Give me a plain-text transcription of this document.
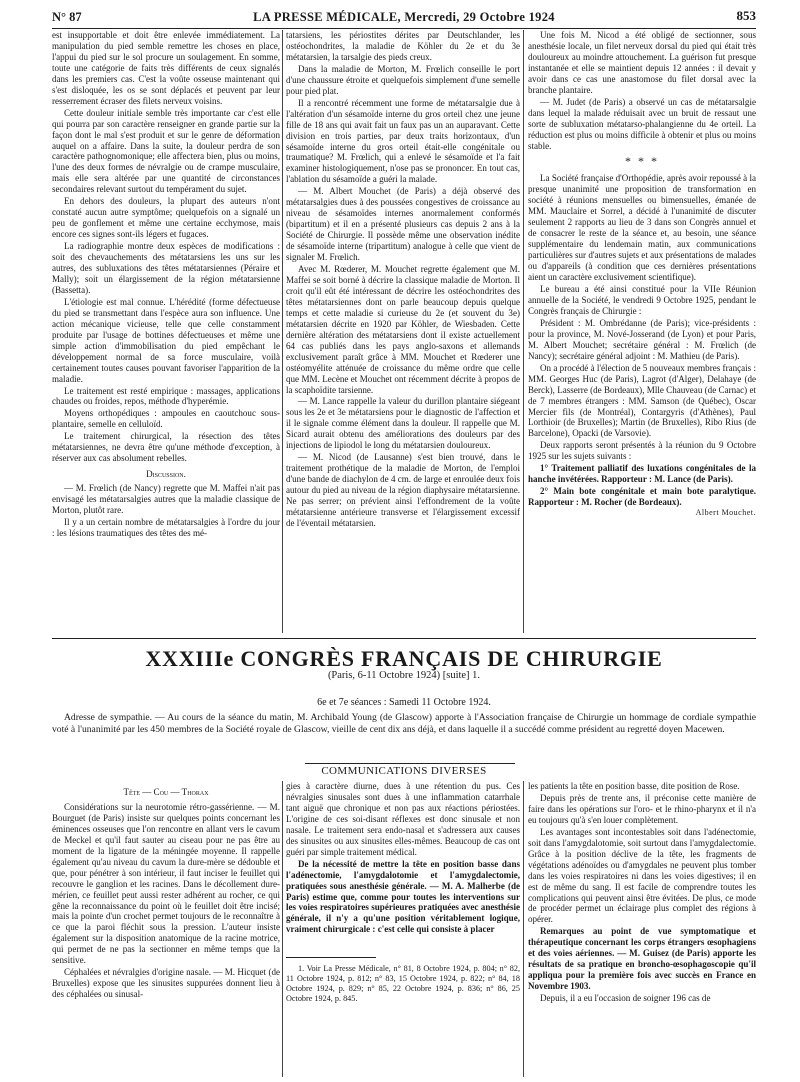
N° 87	LA PRESSE MÉDICALE, Mercredi, 29 Octobre 1924	853

est insupportable et doit être enlevée immédiatement. La manipulation du pied semble remettre les choses en place, l'appui du pied sur le sol procure un soulagement. En somme, toute une catégorie de faits très différents de ceux signalés dans les premiers cas. C'est la voûte osseuse maintenant qui s'est disloquée, les os se sont déplacés et peuvent par leur resserrement écraser des filets nerveux voisins.

Cette douleur initiale semble très importante car c'est elle qui pourra par son caractère renseigner en grande partie sur la façon dont le mal s'est produit et sur le genre de déformation auquel on a affaire. Dans la suite, la douleur perdra de son caractère pathognomonique; elle affectera bien, plus ou moins, l'une des deux formes de névralgie ou de crampe musculaire, mais elle sera altérée par une quantité de circonstances secondaires relevant surtout du tempérament du sujet.

En dehors des douleurs, la plupart des auteurs n'ont constaté aucun autre symptôme; quelquefois on a signalé un peu de gonflement et même une certaine ecchymose, mais encore ces signes sont-ils légers et fugaces.

La radiographie montre deux espèces de modifications : soit des chevauchements des métatarsiens les uns sur les autres, des subluxations des têtes métatarsiennes (Péraire et Mally); soit un élargissement de la région métatarsienne (Bassetta).

L'étiologie est mal connue. L'hérédité (forme défectueuse du pied se transmettant dans l'espèce aura son influence. Une action mécanique vicieuse, telle que celle constamment produite par l'usage de bottines défectueuses et même une simple action d'immobilisation du pied empêchant le développement normal de sa force musculaire, voilà certainement toutes causes pouvant favoriser l'apparition de la maladie.

Le traitement est resté empirique : massages, applications chaudes ou froides, repos, méthode d'hyperémie.

Moyens orthopédiques : ampoules en caoutchouc sous-plantaire, semelle en celluloïd.

Le traitement chirurgical, la résection des têtes métatarsiennes, ne devra être qu'une méthode d'exception, à réserver aux cas absolument rebelles.

Discussion.

— M. Frœlich (de Nancy) regrette que M. Maffei n'ait pas envisagé les métatarsalgies autres que la maladie classique de Morton, plutôt rare.

Il y a un certain nombre de métatarsalgies à l'ordre du jour : les lésions traumatiques des têtes des mé-

tatarsiens, les périostites dérites par Deutschlander, les ostéochondrites, la maladie de Köhler du 2e et du 3e métatarsien, la tarsalgie des pieds creux.

Dans la maladie de Morton, M. Frœlich conseille le port d'une chaussure étroite et quelquefois simplement d'une semelle pour pied plat.

Il a rencontré récemment une forme de métatarsalgie due à l'altération d'un sésamoïde interne du gros orteil chez une jeune fille de 18 ans qui avait fait un faux pas un an auparavant. Cette division en trois parties, par deux traits horizontaux, d'un sésamoïde interne du gros orteil était-elle congénitale ou traumatique? M. Frœlich, qui a enlevé le sésamoïde et l'a fait examiner histologiquement, n'ose pas se prononcer. En tout cas, l'ablation du sésamoïde a guéri la malade.

— M. Albert Mouchet (de Paris) a déjà observé des métatarsalgies dues à des poussées congestives de croissance au niveau de sésamoïdes internes anormalement conformés (bipartitum) et il en a présenté plusieurs cas depuis 2 ans à la Société de Chirurgie. Il possède même une observation inédite de sésamoïde interne (tripartitum) analogue à celle que vient de signaler M. Frœlich.

Avec M. Rœderer, M. Mouchet regrette également que M. Maffei se soit borné à décrire la classique maladie de Morton. Il croit qu'il eût été intéressant de décrire les ostéochondrites des têtes métatarsiennes dont on parle beaucoup depuis quelque temps et cette maladie si curieuse du 2e (et souvent du 3e) métatarsien décrite en 1920 par Köhler, de Wiesbaden. Cette dernière altération des métatarsiens dont il existe actuellement 64 cas publiés dans les pays anglo-saxons et allemands exclusivement paraît grâce à MM. Mouchet et Rœderer une ostéomyélite atténuée de croissance du même ordre que celle que MM. Lecène et Mouchet ont récemment décrite à propos de la scaphoïdite tarsienne.

— M. Lance rappelle la valeur du durillon plantaire siégeant sous les 2e et 3e métatarsiens pour le diagnostic de l'affection et il le signale comme élément dans la douleur. Il rappelle que M. Sicard aurait obtenu des améliorations des douleurs par des injections de lipiodol le long du métatarsien douloureux.

— M. Nicod (de Lausanne) s'est bien trouvé, dans le traitement prothétique de la maladie de Morton, de l'emploi d'une bande de diachylon de 4 cm. de large et enroulée deux fois autour du pied au niveau de la région diaphysaire métatarsienne. Ne pas serrer; on prévient ainsi l'effondrement de la voûte métatarsienne antérieure transverse et l'élargissement excessif de l'éventail métatarsien.

Une fois M. Nicod a été obligé de sectionner, sous anesthésie locale, un filet nerveux dorsal du pied qui était très douloureux au moindre attouchement. La guérison fut presque instantanée et elle se maintient depuis 12 années : il devait y avoir dans ce cas une anastomose du filet dorsal avec la branche plantaire.

— M. Judet (de Paris) a observé un cas de métatarsalgie dans lequel la malade réduisait avec un bruit de ressaut une sorte de subluxation métatarso-phalangienne du 4e orteil. La réduction est plus ou moins difficile à obtenir et plus ou moins stable.

* * *

La Société française d'Orthopédie, après avoir repoussé à la presque unanimité une proposition de transformation en société à réunions mensuelles ou bimensuelles, émanée de MM. Mauclaire et Sorrel, a décidé à l'unanimité de discuter seulement 2 rapports au lieu de 3 dans son Congrès annuel et de consacrer le reste de la séance et, au besoin, une séance supplémentaire du lendemain matin, aux communications particulières sur d'autres sujets et aux présentations de malades ou d'appareils (à condition que ces dernières présentations aient un caractère exclusivement scientifique).

Le bureau a été ainsi constitué pour la VIIe Réunion annuelle de la Société, le vendredi 9 Octobre 1925, pendant le Congrès français de Chirurgie :

Président : M. Ombrédanne (de Paris); vice-présidents : pour la province, M. Nové-Josserand (de Lyon) et pour Paris, M. Albert Mouchet; secrétaire général : M. Frœlich (de Nancy); secrétaire général adjoint : M. Mathieu (de Paris).

On a procédé à l'élection de 5 nouveaux membres français : MM. Georges Huc (de Paris), Lagrot (d'Alger), Delahaye (de Berck), Lasserre (de Bordeaux), Mlle Chauveau (de Carnac) et de 7 membres étrangers : MM. Samson (de Québec), Oscar Mercier fils (de Montréal), Contargyris (d'Athènes), Paul Lorthioir (de Bruxelles); Martin (de Bruxelles), Ribo Rius (de Barcelone), Opacki (de Varsovie).

Deux rapports seront présentés à la réunion du 9 Octobre 1925 sur les sujets suivants :

1° Traitement palliatif des luxations congénitales de la hanche invétérées. Rapporteur : M. Lance (de Paris).

2° Main bote congénitale et main bote paralytique. Rapporteur : M. Rocher (de Bordeaux).

Albert Mouchet.
XXXIIIe CONGRÈS FRANÇAIS DE CHIRURGIE
(Paris, 6-11 Octobre 1924) [suite] 1.
6e et 7e séances : Samedi 11 Octobre 1924.

Adresse de sympathie. — Au cours de la séance du matin, M. Archibald Young (de Glascow) apporte à l'Association française de Chirurgie un hommage de cordiale sympathie voté à l'unanimité par les 450 membres de la Société royale de Glascow, vieille de cent dix ans déjà, et dans laquelle il a succédé comme président au regretté doyen Macewen.

COMMUNICATIONS DIVERSES

Tête — Cou — Thorax

Considérations sur la neurotomie rétro-gassérienne. — M. Bourguet (de Paris) insiste sur quelques points concernant les éminences osseuses que l'on rencontre en allant vers le cavum de Meckel et qu'il faut sauter au ciseau pour ne pas être au moment de la ligature de la méningée moyenne. Il rappelle également qu'au niveau du cavum la dure-mère se dédouble et que, pour pénétrer à son intérieur, il faut inciser le feuillet qui recouvre le ganglion et les racines. Dans le décollement dure-mérien, ce feuillet peut aussi rester adhérent au rocher, ce qui gêne la reconnaissance du point où le feuillet doit être incisé; mais la pointe d'un crochet permet toujours de le reconnaître à ce que la paroi fléchit sous la pression. L'auteur insiste également sur la disposition anatomique de la racine motrice, qui permet de ne pas la sectionner en même temps que la sensitive.

Céphalées et névralgies d'origine nasale. — M. Hicquet (de Bruxelles) expose que les sinusites suppurées donnent lieu à des céphalées ou sinusal-

gies à caractère diurne, dues à une rétention du pus. Ces névralgies sinusales sont dues à une inflammation catarrhale tant aiguë que chronique et non pas aux réactions périostées. L'origine de ces soi-disant réflexes est donc sinusale et non nasale. Le traitement sera endo-nasal et s'adressera aux causes des sinusites ou aux sinusites elles-mêmes. Beaucoup de cas ont guéri par simple traitement médical.

De la nécessité de mettre la tête en position basse dans l'adénectomie, l'amygdalotomie et l'amygdalectomie, pratiquées sous anesthésie générale. — M. A. Malherbe (de Paris) estime que, comme pour toutes les interventions sur les voies respiratoires supérieures pratiquées avec anesthésie générale, il n'y a qu'une position véritablement logique, vraiment chirurgicale : c'est celle qui consiste à placer

1. Voir La Presse Médicale, n° 81, 8 Octobre 1924, p. 804; n° 82, 11 Octobre 1924, p. 812; n° 83, 15 Octobre 1924, p. 822; n° 84, 18 Octobre 1924, p. 829; n° 85, 22 Octobre 1924, p. 836; n° 86, 25 Octobre 1924, p. 845.

les patients la tête en position basse, dite position de Rose.

Depuis près de trente ans, il préconise cette manière de faire dans les opérations sur l'oro- et le rhino-pharynx et il n'a eu toujours qu'à s'en louer complètement.

Les avantages sont incontestables soit dans l'adénectomie, soit dans l'amygdalotomie, soit surtout dans l'amygdalectomie. Grâce à la position déclive de la tête, les fragments de végétations adénoïdes ou d'amygdales ne peuvent plus tomber dans les voies respiratoires ni dans les voies digestives; il en est de même du sang. Il est facile de comprendre toutes les complications qui peuvent ainsi être évitées. De plus, ce mode de procéder permet un éclairage plus complet des régions à opérer.

Remarques au point de vue symptomatique et thérapeutique concernant les corps étrangers œsophagiens et des voies aériennes. — M. Guisez (de Paris) apporte les résultats de sa pratique en broncho-œsophagoscopie qu'il appliqua pour la première fois avec succès en France en Novembre 1903.

Depuis, il a eu l'occasion de soigner 196 cas de
